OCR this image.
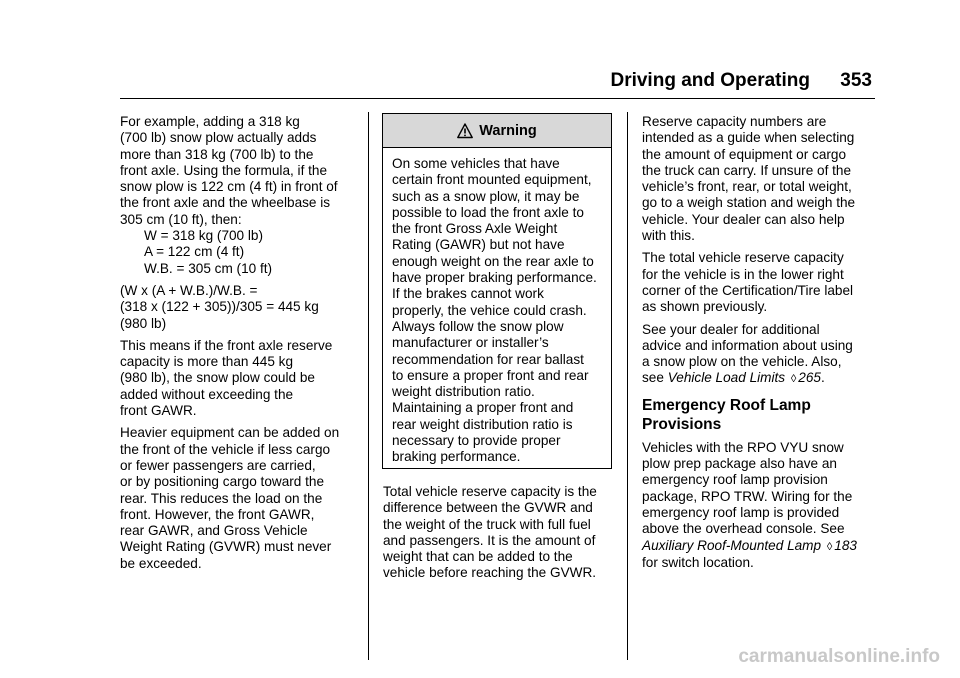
Driving and Operating 353

For example, adding a 318 kg
(700 lb) snow plow actually adds
more than 318 kg (700 lb) to the
front axle. Using the formula, if the
snow plow is 122 cm (4 ft) in front of
the front axle and the wheelbase is
305 cm (10 ft), then:
W = 318 kg (700 lb)
A = 122 cm (4 ft)
W.B. = 305 cm (10 ft)

(W x (A + W.B.)/W.B. =
(318 x (122 + 305))/305 = 445 kg
(980 lb)

This means if the front axle reserve
capacity is more than 445 kg
(980 lb), the snow plow could be
added without exceeding the
front GAWR.

Heavier equipment can be added on
the front of the vehicle if less cargo
or fewer passengers are carried,
or by positioning cargo toward the
rear. This reduces the load on the
front. However, the front GAWR,
rear GAWR, and Gross Vehicle
Weight Rating (GVWR) must never
be exceeded.

Warning
On some vehicles that have
certain front mounted equipment,
such as a snow plow, it may be
possible to load the front axle to
the front Gross Axle Weight
Rating (GAWR) but not have
enough weight on the rear axle to
have proper braking performance.
If the brakes cannot work
properly, the vehice could crash.
Always follow the snow plow
manufacturer or installer’s
recommendation for rear ballast
to ensure a proper front and rear
weight distribution ratio.
Maintaining a proper front and
rear weight distribution ratio is
necessary to provide proper
braking performance.

Total vehicle reserve capacity is the
difference between the GVWR and
the weight of the truck with full fuel
and passengers. It is the amount of
weight that can be added to the
vehicle before reaching the GVWR.

Reserve capacity numbers are
intended as a guide when selecting
the amount of equipment or cargo
the truck can carry. If unsure of the
vehicle’s front, rear, or total weight,
go to a weigh station and weigh the
vehicle. Your dealer can also help
with this.

The total vehicle reserve capacity
for the vehicle is in the lower right
corner of the Certification/Tire label
as shown previously.

See your dealer for additional
advice and information about using
a snow plow on the vehicle. Also,
see Vehicle Load Limits ◊ 265.

Emergency Roof Lamp
Provisions

Vehicles with the RPO VYU snow
plow prep package also have an
emergency roof lamp provision
package, RPO TRW. Wiring for the
emergency roof lamp is provided
above the overhead console. See
Auxiliary Roof-Mounted Lamp ◊ 183
for switch location.

carmanualsonline.info
